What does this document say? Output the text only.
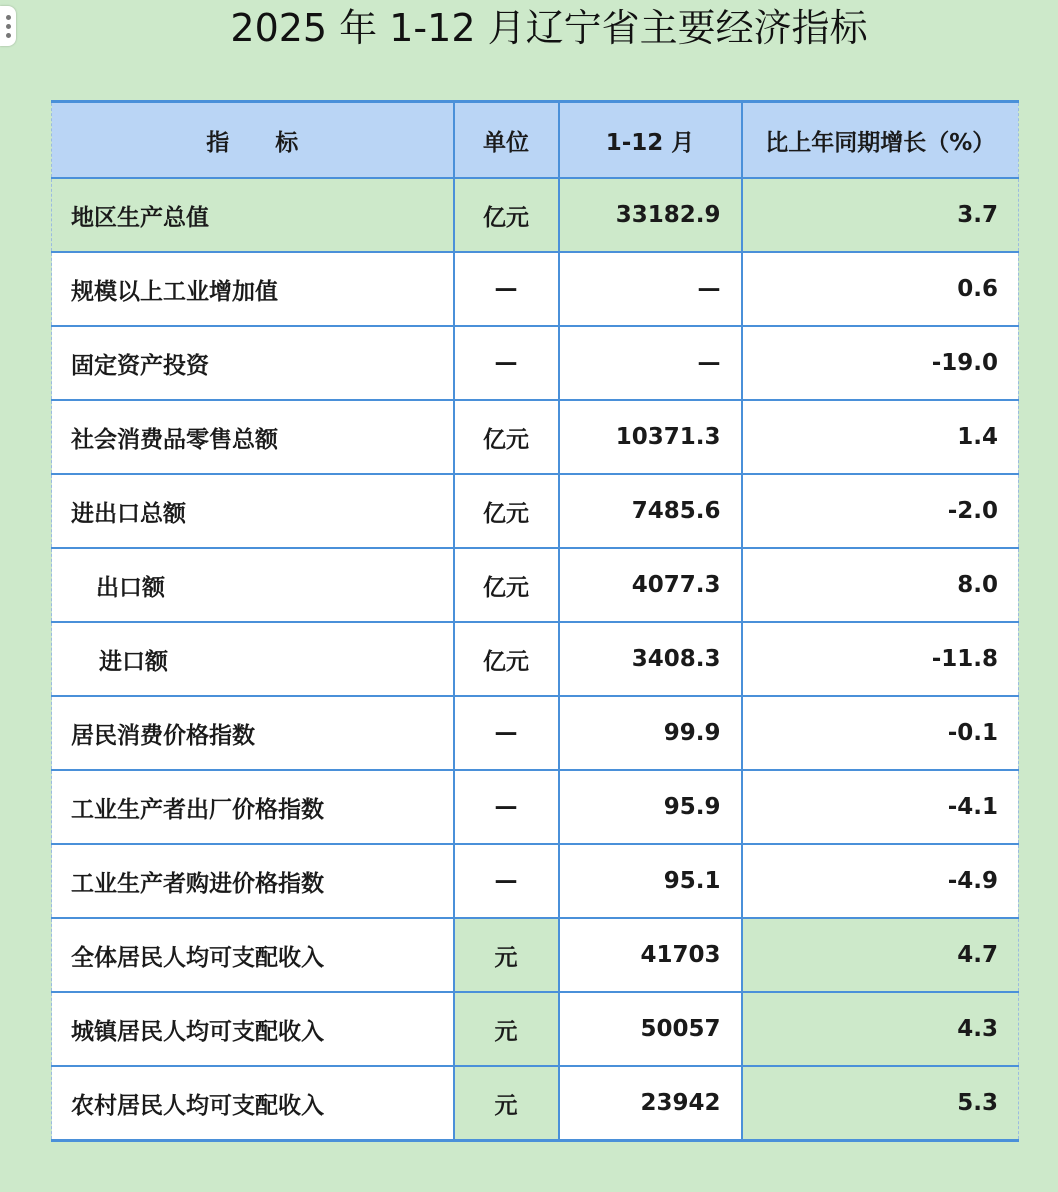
2025 年 1-12 月辽宁省主要经济指标
指　　标	单位	1-12 月	比上年同期增长（%）
地区生产总值	亿元	33182.9	3.7
规模以上工业增加值	—	—	0.6
固定资产投资	—	—	-19.0
社会消费品零售总额	亿元	10371.3	1.4
进出口总额	亿元	7485.6	-2.0
出口额	亿元	4077.3	8.0
进口额	亿元	3408.3	-11.8
居民消费价格指数	—	99.9	-0.1
工业生产者出厂价格指数	—	95.9	-4.1
工业生产者购进价格指数	—	95.1	-4.9
全体居民人均可支配收入	元	41703	4.7
城镇居民人均可支配收入	元	50057	4.3
农村居民人均可支配收入	元	23942	5.3
